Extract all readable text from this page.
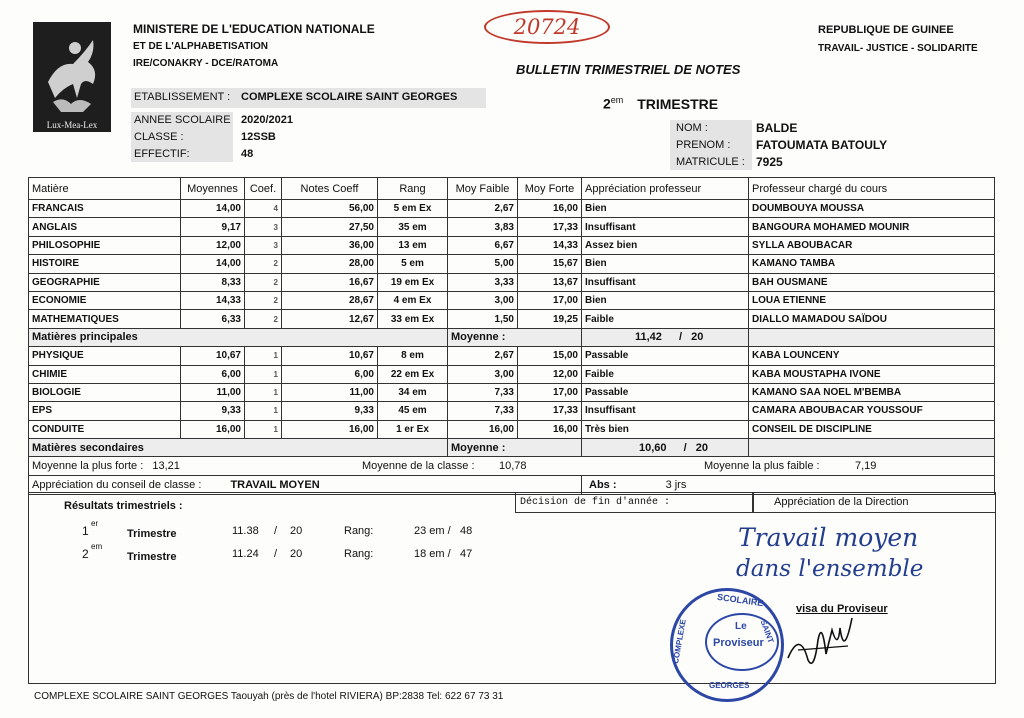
Lux-Mea-Lex
MINISTERE DE L'EDUCATION NATIONALE
ET DE L'ALPHABETISATION
IRE/CONAKRY - DCE/RATOMA
20724	REPUBLIQUE DE GUINEE
TRAVAIL- JUSTICE - SOLIDARITE
BULLETIN TRIMESTRIEL DE NOTES
ETABLISSEMENT : COMPLEXE SCOLAIRE SAINT GEORGES
ANNEE SCOLAIRE 2020/2021
CLASSE :	12SSB
EFFECTIF:	48
$2^{em}$ TRIMESTRE
NOM :	BALDE
PRENOM : FATOUMATA BATOULY
MATRICULE : 7925
Matière	Moyennes	Coef.	Notes Coeff	Rang	Moy Faible	Moy Forte	Appréciation professeur	Professeur chargé du cours
FRANCAIS	14,00	4	56,00	5 em Ex	2,67	16,00	Bien	DOUMBOUYA MOUSSA
ANGLAIS	9,17	3	27,50	35 em	3,83	17,33	Insuffisant	BANGOURA MOHAMED MOUNIR
PHILOSOPHIE	12,00	3	36,00	13 em	6,67	14,33	Assez bien	SYLLA ABOUBACAR
HISTOIRE	14,00	2	28,00	5 em	5,00	15,67	Bien	KAMANO TAMBA
GEOGRAPHIE	8,33	2	16,67	19 em Ex	3,33	13,67	Insuffisant	BAH OUSMANE
ECONOMIE	14,33	2	28,67	4 em Ex	3,00	17,00	Bien	LOUA ETIENNE
MATHEMATIQUES	6,33	2	12,67	33 em Ex	1,50	19,25	Faible	DIALLO MAMADOU SAÏDOU
Matières principales					Moyenne :		11,42 / 20	
PHYSIQUE	10,67	1	10,67	8 em	2,67	15,00	Passable	KABA LOUNCENY
CHIMIE	6,00	1	6,00	22 em Ex	3,00	12,00	Faible	KABA MOUSTAPHA IVONE
BIOLOGIE	11,00	1	11,00	34 em	7,33	17,00	Passable	KAMANO SAA NOEL M'BEMBA
EPS	9,33	1	9,33	45 em	7,33	17,33	Insuffisant	CAMARA ABOUBACAR YOUSSOUF
CONDUITE	16,00	1	16,00	1 er Ex	16,00	16,00	Très bien	CONSEIL DE DISCIPLINE
Matières secondaires					Moyenne :		10,60 / 20	
Moyenne la plus forte : 13,21 Moyenne de la classe : 10,78 Moyenne la plus faible : 7,19								

Appréciation du conseil de classe : TRAVAIL MOYEN							Abs : 3 jrs	
Décision de fin d'année :	Appréciation de la Direction
Résultats trimestriels :
1
er
Trimestre	11.38 / 20	Rang:	23 em / 48
2
em
Trimestre	11.24 / 20	Rang:	18 em / 47
Travail moyen
dans l'ensemble
visa du Proviseur
SCOLAIRE
SAINT
COMPLEXE
GEORGES
Le
Proviseur
COMPLEXE SCOLAIRE SAINT GEORGES Taouyah (près de l'hotel RIVIERA) BP:2838 Tel: 622 67 73 31
